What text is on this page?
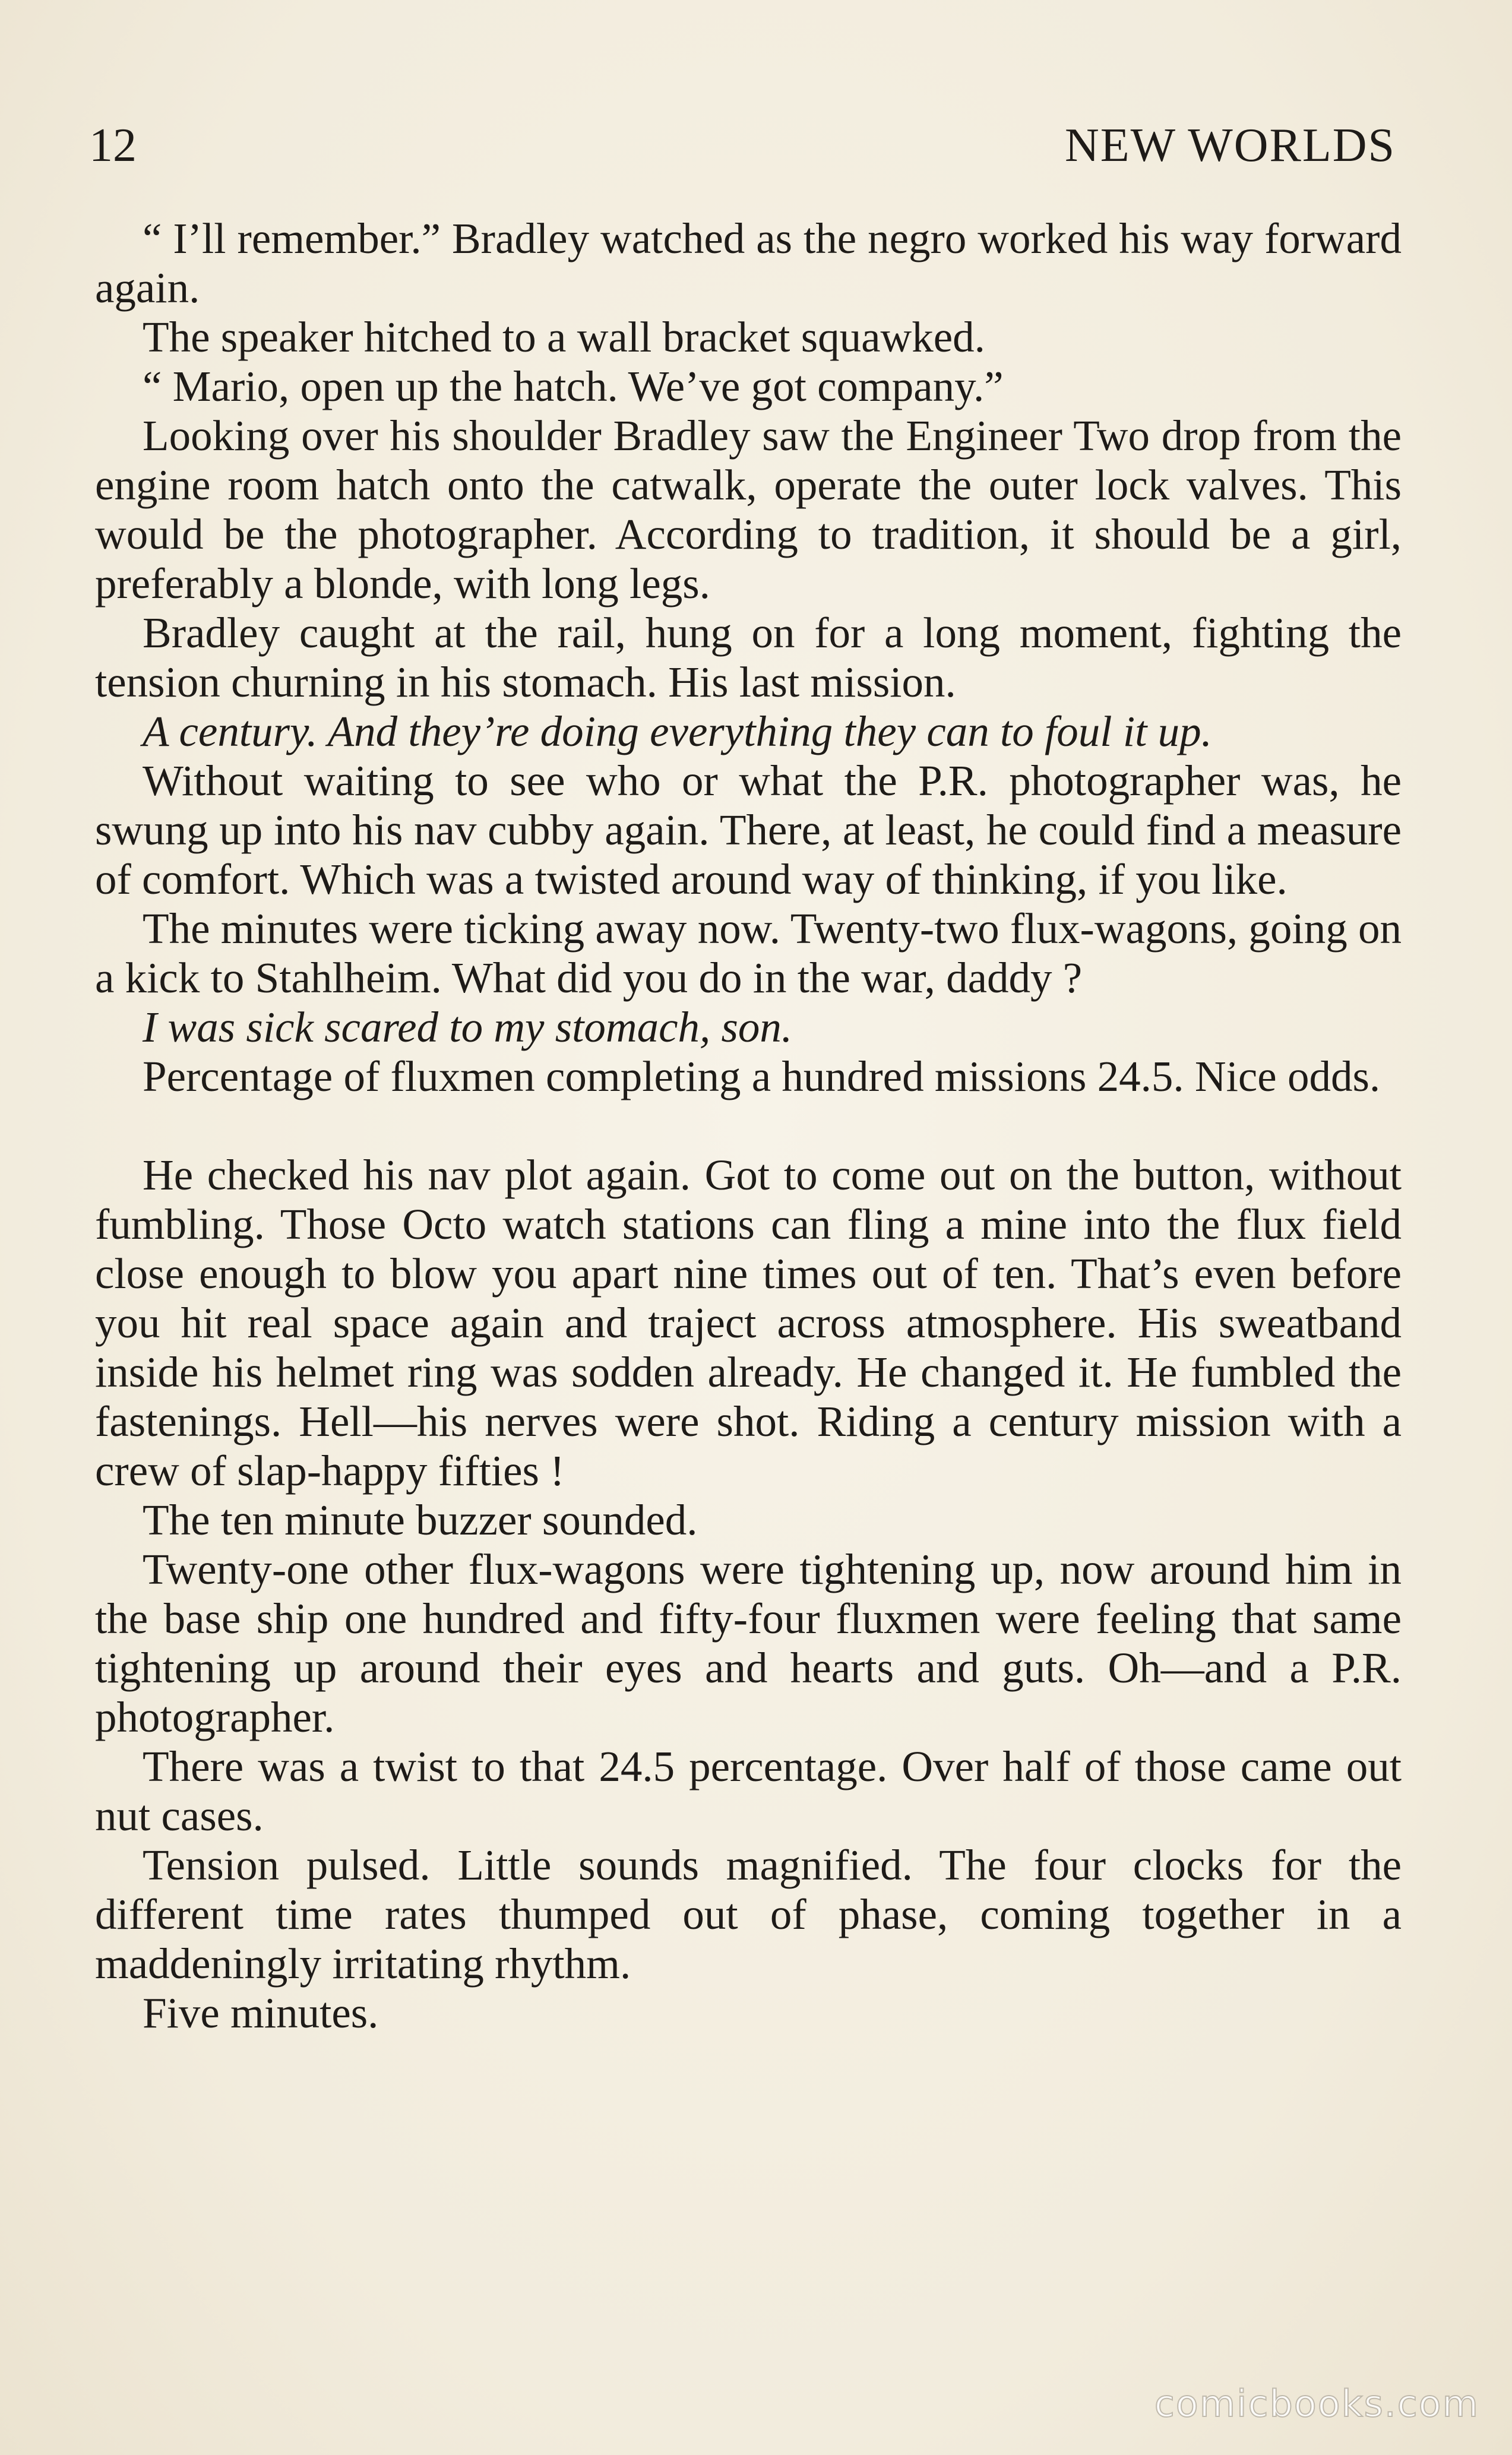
12	NEW WORLDS

“ I’ll remember.” Bradley watched as the negro worked his way forward again.

The speaker hitched to a wall bracket squawked.

“ Mario, open up the hatch. We’ve got company.”

Looking over his shoulder Bradley saw the Engineer Two drop from the engine room hatch onto the catwalk, operate the outer lock valves. This would be the photographer. According to tradition, it should be a girl, preferably a blonde, with long legs.

Bradley caught at the rail, hung on for a long moment, fighting the tension churning in his stomach. His last mission.

A century. And they’re doing everything they can to foul it up.

Without waiting to see who or what the P.R. photographer was, he swung up into his nav cubby again. There, at least, he could find a measure of comfort. Which was a twisted around way of thinking, if you like.

The minutes were ticking away now. Twenty-two flux-wagons, going on a kick to Stahlheim. What did you do in the war, daddy ?

I was sick scared to my stomach, son.

Percentage of fluxmen completing a hundred missions 24.5. Nice odds.

He checked his nav plot again. Got to come out on the button, without fumbling. Those Octo watch stations can fling a mine into the flux field close enough to blow you apart nine times out of ten. That’s even before you hit real space again and traject across atmosphere. His sweatband inside his helmet ring was sodden already. He changed it. He fumbled the fastenings. Hell—his nerves were shot. Riding a century mission with a crew of slap-happy fifties !

The ten minute buzzer sounded.

Twenty-one other flux-wagons were tightening up, now around him in the base ship one hundred and fifty-four fluxmen were feeling that same tightening up around their eyes and hearts and guts. Oh—and a P.R. photographer.

There was a twist to that 24.5 percentage. Over half of those came out nut cases.

Tension pulsed. Little sounds magnified. The four clocks for the different time rates thumped out of phase, coming together in a maddeningly irritating rhythm.

Five minutes.

comicbooks.com
